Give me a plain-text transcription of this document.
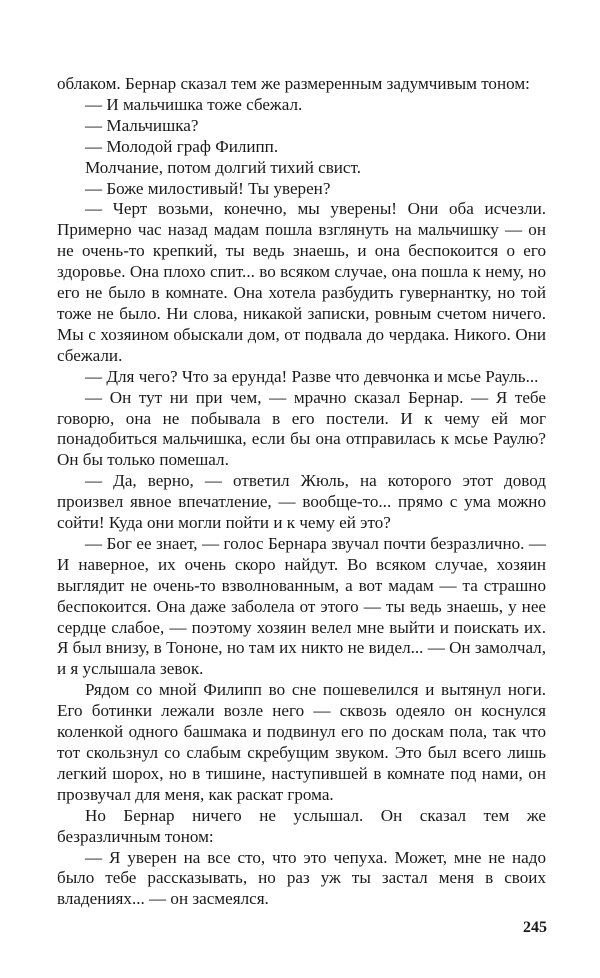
облаком. Бернар сказал тем же размеренным задумчивым тоном:

— И мальчишка тоже сбежал.

— Мальчишка?

— Молодой граф Филипп.

Молчание, потом долгий тихий свист.

— Боже милостивый! Ты уверен?

— Черт возьми, конечно, мы уверены! Они оба исчезли. Примерно час назад мадам пошла взглянуть на мальчишку — он не очень-то крепкий, ты ведь знаешь, и она беспокоится о его здоровье. Она плохо спит... во всяком случае, она пошла к нему, но его не было в комнате. Она хотела разбудить гувернантку, но той тоже не было. Ни слова, никакой записки, ровным счетом ничего. Мы с хозяином обыскали дом, от подвала до чердака. Никого. Они сбежали.

— Для чего? Что за ерунда! Разве что девчонка и мсье Рауль...

— Он тут ни при чем, — мрачно сказал Бернар. — Я тебе говорю, она не побывала в его постели. И к чему ей мог понадобиться мальчишка, если бы она отправилась к мсье Раулю? Он бы только помешал.

— Да, верно, — ответил Жюль, на которого этот довод произвел явное впечатление, — вообще-то... прямо с ума можно сойти! Куда они могли пойти и к чему ей это?

— Бог ее знает, — голос Бернара звучал почти безразлично. — И наверное, их очень скоро найдут. Во всяком случае, хозяин выглядит не очень-то взволнованным, а вот мадам — та страшно беспокоится. Она даже заболела от этого — ты ведь знаешь, у нее сердце слабое, — поэтому хозяин велел мне выйти и поискать их. Я был внизу, в Тононе, но там их никто не видел... — Он замолчал, и я услышала зевок.

Рядом со мной Филипп во сне пошевелился и вытянул ноги. Его ботинки лежали возле него — сквозь одеяло он коснулся коленкой одного башмака и подвинул его по доскам пола, так что тот скользнул со слабым скребущим звуком. Это был всего лишь легкий шорох, но в тишине, наступившей в комнате под нами, он прозвучал для меня, как раскат грома.

Но Бернар ничего не услышал. Он сказал тем же безразличным тоном:

— Я уверен на все сто, что это чепуха. Может, мне не надо было тебе рассказывать, но раз уж ты застал меня в своих владениях... — он засмеялся.

245
